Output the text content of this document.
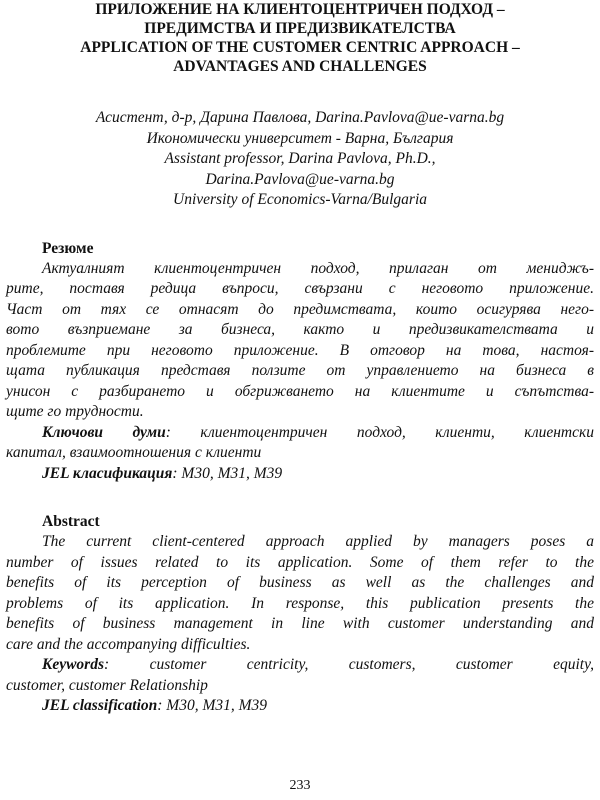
ПРИЛОЖЕНИЕ НА КЛИЕНТОЦЕНТРИЧЕН ПОДХОД –
ПРЕДИМСТВА И ПРЕДИЗВИКАТЕЛСТВА
APPLICATION OF THE CUSTOMER CENTRIC APPROACH –
ADVANTAGES AND CHALLENGES
Асистент, д-р, Дарина Павлова, Darina.Pavlova@ue-varna.bg
Икономически университет - Варна, България
Assistant professor, Darina Pavlova, Ph.D.,
Darina.Pavlova@ue-varna.bg
University of Economics-Varna/Bulgaria
Резюме
Актуалният клиентоцентричен подход, прилаган от мениджъ-
рите, поставя редица въпроси, свързани с неговото приложение.
Част от тях се отнасят до предимствата, които осигурява него-
вото възприемане за бизнеса, както и предизвикателствата и
проблемите при неговото приложение. В отговор на това, настоя-
щата публикация представя ползите от управлението на бизнеса в
унисон с разбирането и обгрижването на клиентите и съпътства-
щите го трудности.
Ключови думи: клиентоцентричен подход, клиенти, клиентски
капитал, взаимоотношения с клиенти
JEL класификация: M30, M31, M39
Abstract
The current client-centered approach applied by managers poses a
number of issues related to its application. Some of them refer to the
benefits of its perception of business as well as the challenges and
problems of its application. In response, this publication presents the
benefits of business management in line with customer understanding and
care and the accompanying difficulties.
Keywords: customer centricity, customers, customer equity,
customer, customer Relationship
JEL classification: M30, M31, M39
233
